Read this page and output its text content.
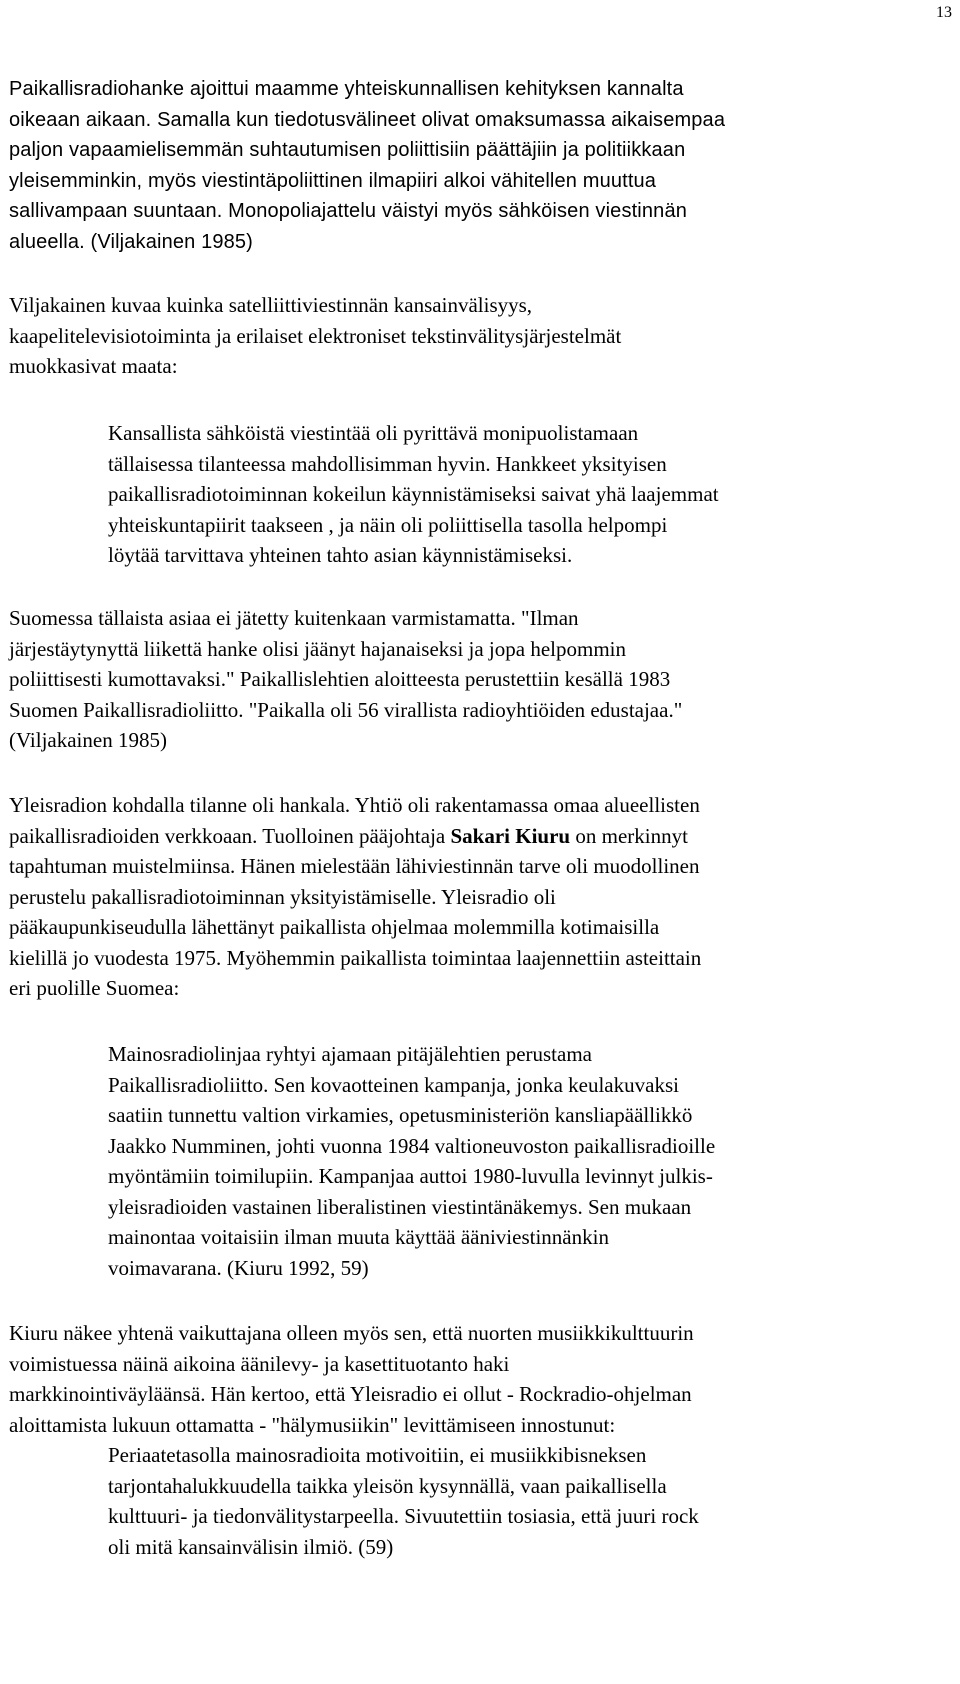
13

Paikallisradiohanke ajoittui maamme yhteiskunnallisen kehityksen kannalta
oikeaan aikaan. Samalla kun tiedotusvälineet olivat omaksumassa aikaisempaa
paljon vapaamielisemmän suhtautumisen poliittisiin päättäjiin ja politiikkaan
yleisemminkin, myös viestintäpoliittinen ilmapiiri alkoi vähitellen muuttua
sallivampaan suuntaan. Monopoliajattelu väistyi myös sähköisen viestinnän
alueella. (Viljakainen 1985)

Viljakainen kuvaa kuinka satelliittiviestinnän kansainvälisyys,
kaapelitelevisiotoiminta ja erilaiset elektroniset tekstinvälitysjärjestelmät
muokkasivat maata:

Kansallista sähköistä viestintää oli pyrittävä monipuolistamaan
tällaisessa tilanteessa mahdollisimman hyvin. Hankkeet yksityisen
paikallisradiotoiminnan kokeilun käynnistämiseksi saivat yhä laajemmat
yhteiskuntapiirit taakseen , ja näin oli poliittisella tasolla helpompi
löytää tarvittava yhteinen tahto asian käynnistämiseksi.

Suomessa tällaista asiaa ei jätetty kuitenkaan varmistamatta. "Ilman
järjestäytynyttä liikettä hanke olisi jäänyt hajanaiseksi ja jopa helpommin
poliittisesti kumottavaksi." Paikallislehtien aloitteesta perustettiin kesällä 1983
Suomen Paikallisradioliitto. "Paikalla oli 56 virallista radioyhtiöiden edustajaa."
(Viljakainen 1985)

Yleisradion kohdalla tilanne oli hankala. Yhtiö oli rakentamassa omaa alueellisten
paikallisradioiden verkkoaan. Tuolloinen pääjohtaja Sakari Kiuru on merkinnyt
tapahtuman muistelmiinsa. Hänen mielestään lähiviestinnän tarve oli muodollinen
perustelu pakallisradiotoiminnan yksityistämiselle. Yleisradio oli
pääkaupunkiseudulla lähettänyt paikallista ohjelmaa molemmilla kotimaisilla
kielillä jo vuodesta 1975. Myöhemmin paikallista toimintaa laajennettiin asteittain
eri puolille Suomea:

Mainosradiolinjaa ryhtyi ajamaan pitäjälehtien perustama
Paikallisradioliitto. Sen kovaotteinen kampanja, jonka keulakuvaksi
saatiin tunnettu valtion virkamies, opetusministeriön kansliapäällikkö
Jaakko Numminen, johti vuonna 1984 valtioneuvoston paikallisradioille
myöntämiin toimilupiin. Kampanjaa auttoi 1980-luvulla levinnyt julkis-
yleisradioiden vastainen liberalistinen viestintänäkemys. Sen mukaan
mainontaa voitaisiin ilman muuta käyttää ääniviestinnänkin
voimavarana. (Kiuru 1992, 59)

Kiuru näkee yhtenä vaikuttajana olleen myös sen, että nuorten musiikkikulttuurin
voimistuessa näinä aikoina äänilevy- ja kasettituotanto haki
markkinointiväyläänsä. Hän kertoo, että Yleisradio ei ollut - Rockradio-ohjelman
aloittamista lukuun ottamatta - "hälymusiikin" levittämiseen innostunut:

Periaatetasolla mainosradioita motivoitiin, ei musiikkibisneksen
tarjontahalukkuudella taikka yleisön kysynnällä, vaan paikallisella
kulttuuri- ja tiedonvälitystarpeella. Sivuutettiin tosiasia, että juuri rock
oli mitä kansainvälisin ilmiö. (59)
